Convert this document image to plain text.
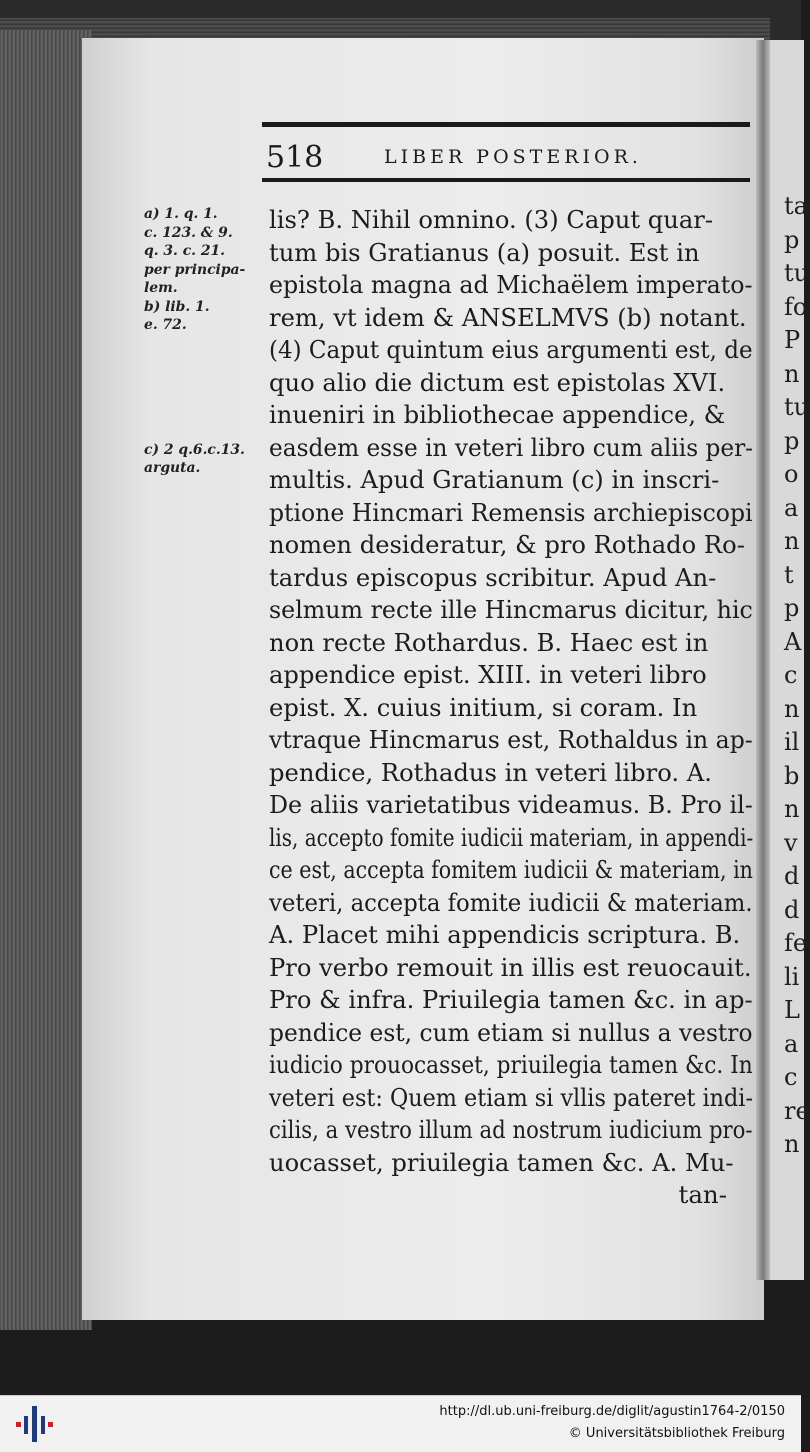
ta
p
tu
fo
P
n
tu
p
o
a
n
t
p
A
c
n
il
b
n
v
d
d
fe
li
L
a
c
re
n
518	LIBER POSTERIOR.
a) 1. q. 1.
c. 123. & 9.
q. 3. c. 21.
per principa-
lem.
b) lib. 1.
e. 72.
c) 2 q.6.c.13.
arguta.
lis? B. Nihil omnino. (3) Caput quar-
tum bis Gratianus (a) posuit. Est in
epistola magna ad Michaëlem imperato-
rem, vt idem & ANSELMVS (b) notant.
(4) Caput quintum eius argumenti est, de
quo alio die dictum est epistolas XVI.
inueniri in bibliothecae appendice, &
easdem esse in veteri libro cum aliis per-
multis. Apud Gratianum (c) in inscri-
ptione Hincmari Remensis archiepiscopi
nomen desideratur, & pro Rothado Ro-
tardus episcopus scribitur. Apud An-
selmum recte ille Hincmarus dicitur, hic
non recte Rothardus. B. Haec est in
appendice epist. XIII. in veteri libro
epist. X. cuius initium, si coram. In
vtraque Hincmarus est, Rothaldus in ap-
pendice, Rothadus in veteri libro. A.
De aliis varietatibus videamus. B. Pro il-
lis, accepto fomite iudicii materiam, in appendi-
ce est, accepta fomitem iudicii & materiam, in
veteri, accepta fomite iudicii & materiam.
A. Placet mihi appendicis scriptura. B.
Pro verbo remouit in illis est reuocauit.
Pro & infra. Priuilegia tamen &c. in ap-
pendice est, cum etiam si nullus a vestro
iudicio prouocasset, priuilegia tamen &c. In
veteri est: Quem etiam si vllis pateret indi-
cilis, a vestro illum ad nostrum iudicium pro-
uocasset, priuilegia tamen &c. A. Mu-
tan-
http://dl.ub.uni-freiburg.de/diglit/agustin1764-2/0150
© Universitätsbibliothek Freiburg
